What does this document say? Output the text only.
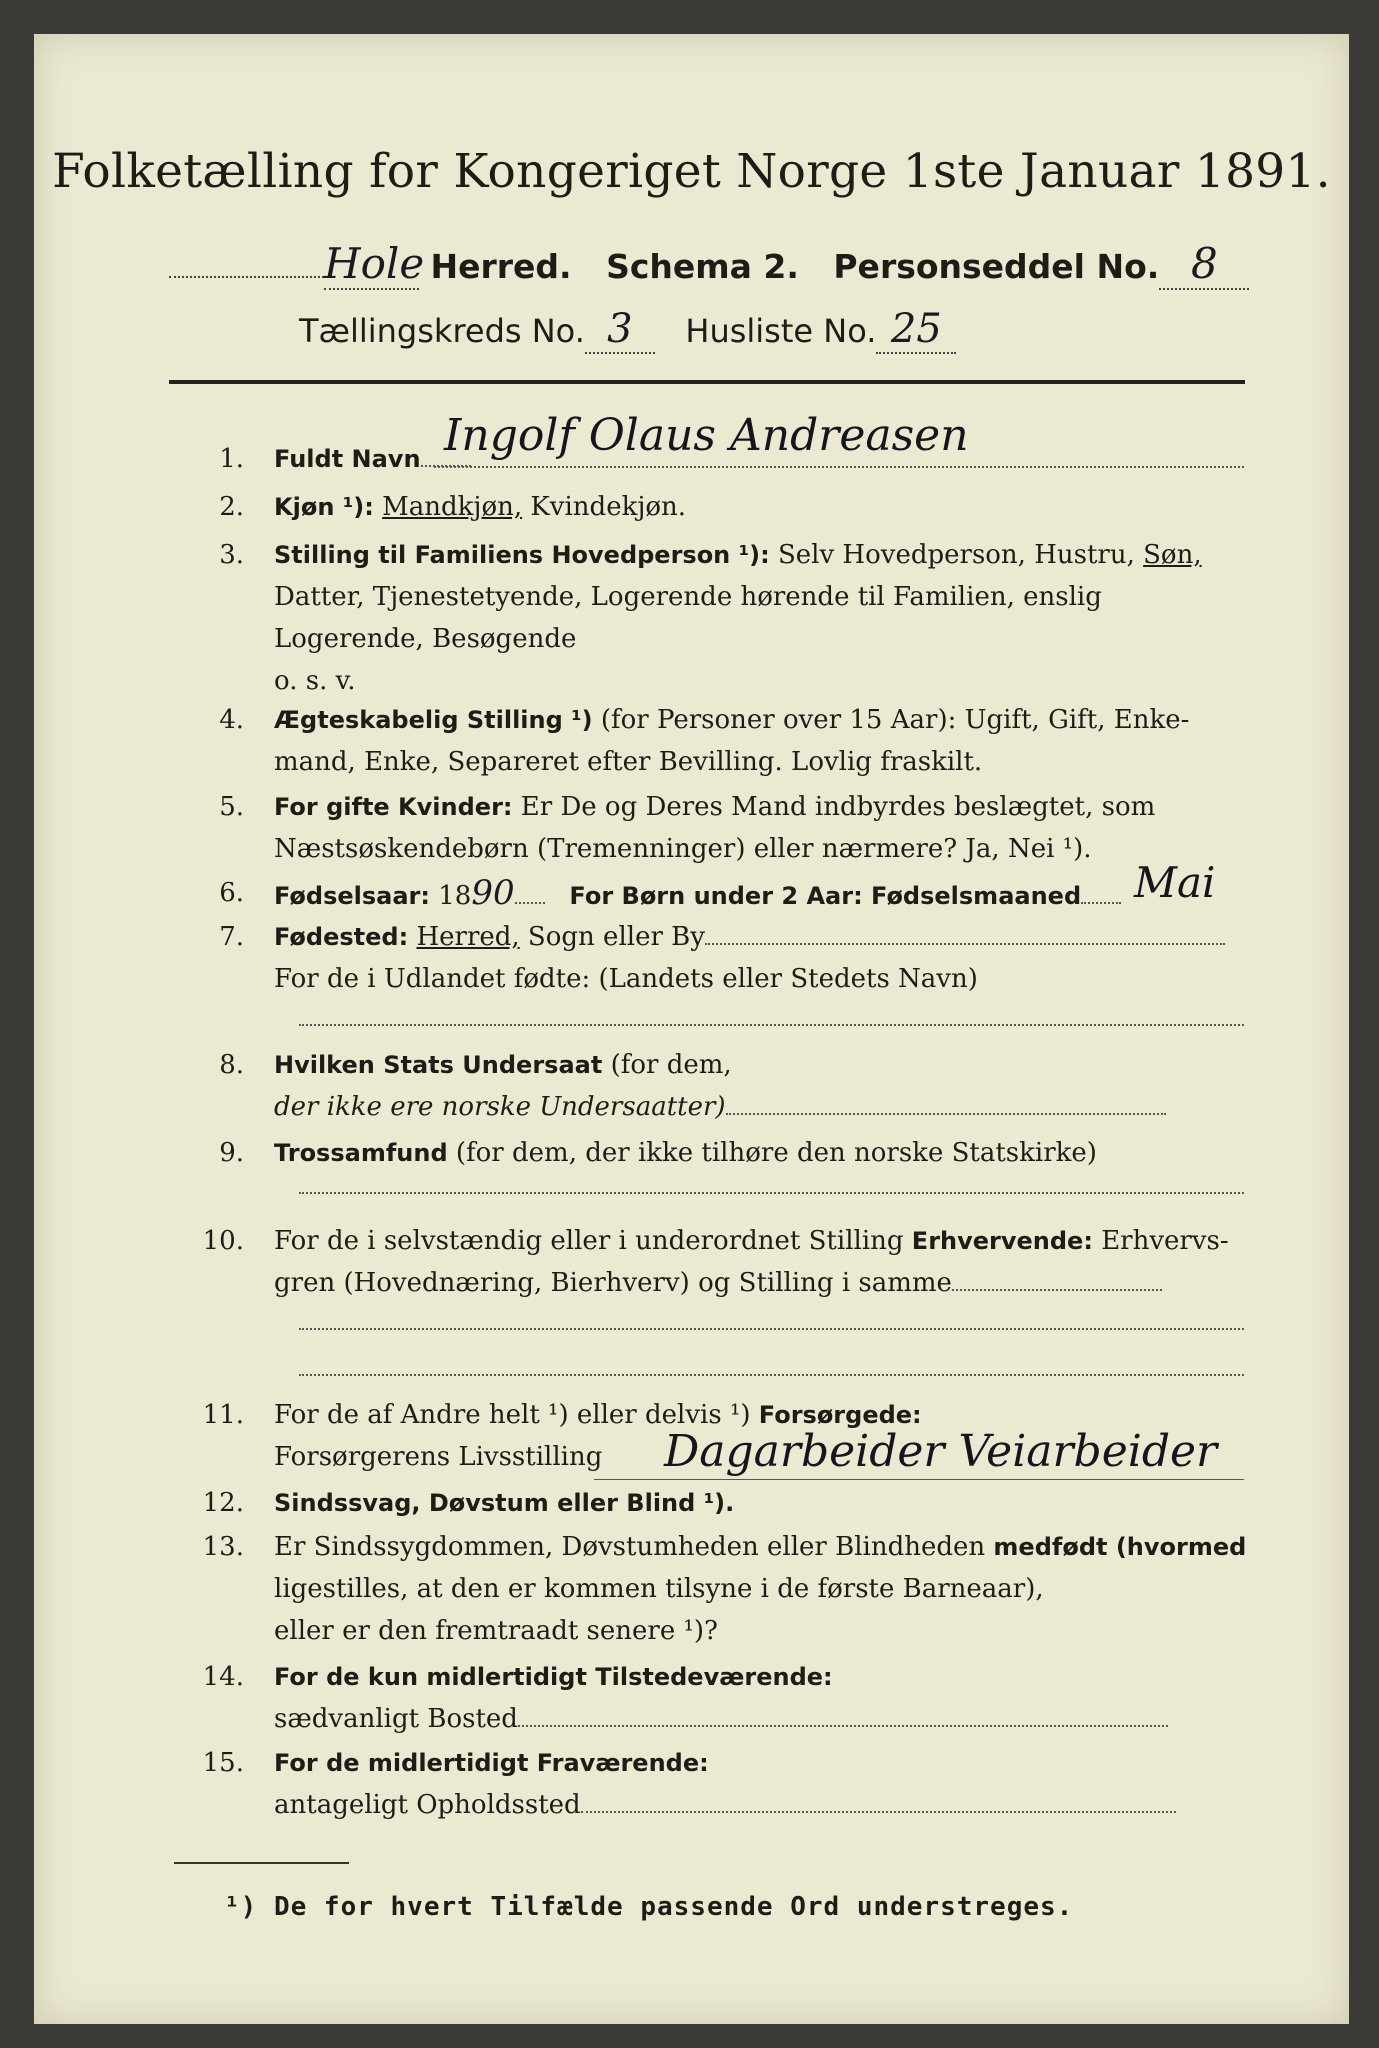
Folketælling for Kongeriget Norge 1ste Januar 1891.
Hole Herred. Schema 2. Personseddel No. 8
Tællingskreds No. 3 Husliste No. 25
1. Fuldt Navn Ingolf Olaus Andreasen
2. Kjøn ¹): Mandkjøn, Kvindekjøn.
3. Stilling til Familiens Hovedperson ¹): Selv Hovedperson, Hustru, Søn,
Datter, Tjenestetyende, Logerende hørende til Familien, enslig
Logerende, Besøgende
o. s. v.
4. Ægteskabelig Stilling ¹) (for Personer over 15 Aar): Ugift, Gift, Enke-
mand, Enke, Separeret efter Bevilling. Lovlig fraskilt.
5. For gifte Kvinder: Er De og Deres Mand indbyrdes beslægtet, som
Næstsøskendebørn (Tremenninger) eller nærmere? Ja, Nei ¹).
6. Fødselsaar: 1890 For Børn under 2 Aar: Fødselsmaaned	Mai
7. Fødested: Herred, Sogn eller By
For de i Udlandet fødte: (Landets eller Stedets Navn)
8. Hvilken Stats Undersaat (for dem,
der ikke ere norske Undersaatter)
9. Trossamfund (for dem, der ikke tilhøre den norske Statskirke)
10. For de i selvstændig eller i underordnet Stilling Erhvervende: Erhvervs-
gren (Hovednæring, Bierhverv) og Stilling i samme
11. For de af Andre helt ¹) eller delvis ¹) Forsørgede:
Forsørgerens Livsstilling	Dagarbeider Veiarbeider
12. Sindssvag, Døvstum eller Blind ¹).
13. Er Sindssygdommen, Døvstumheden eller Blindheden medfødt (hvormed
ligestilles, at den er kommen tilsyne i de første Barneaar),
eller er den fremtraadt senere ¹)?
14. For de kun midlertidigt Tilstedeværende:
sædvanligt Bosted
15. For de midlertidigt Fraværende:
antageligt Opholdssted
¹) De for hvert Tilfælde passende Ord understreges.
